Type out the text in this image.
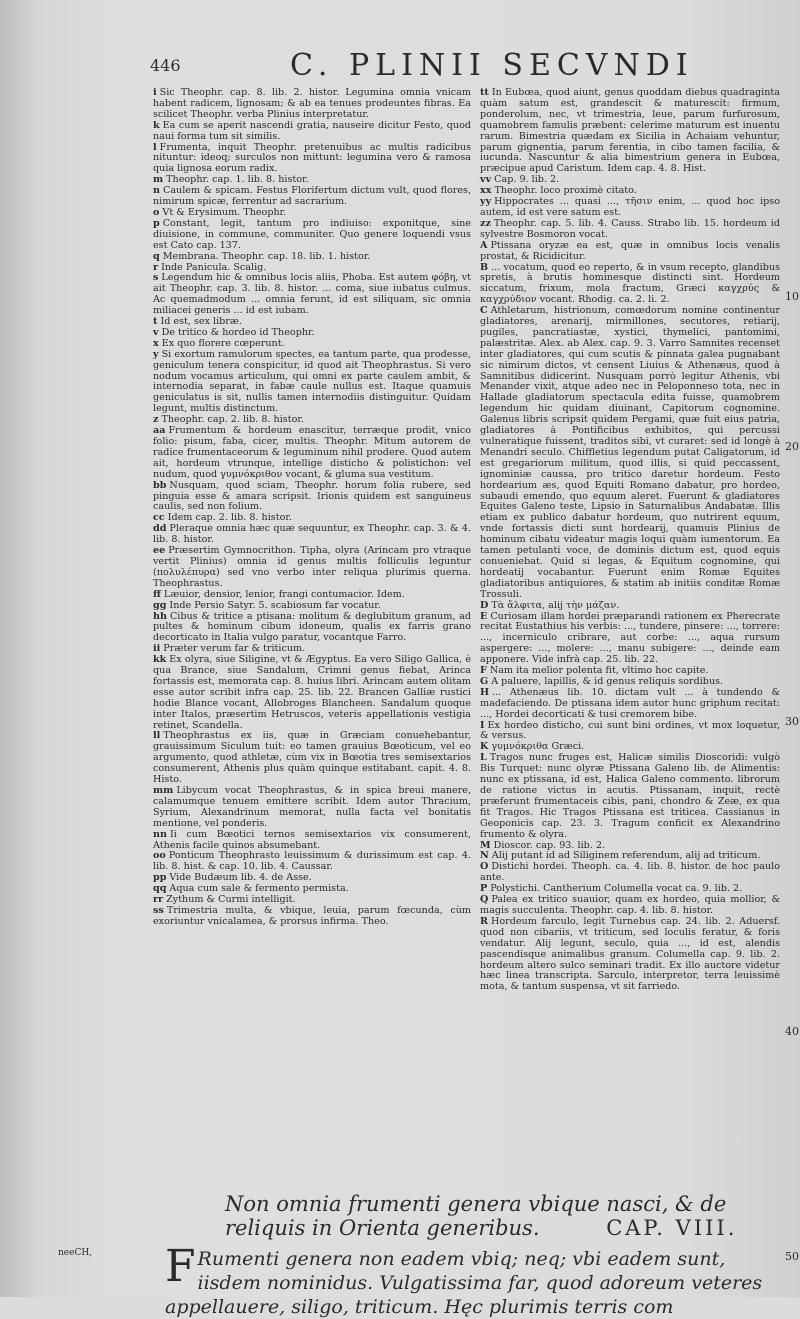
446	C. PLINII SECVNDI

i Sic Theophr. cap. 8. lib. 2. histor. Legumina omnia vnicam habent radicem, lignosam; & ab ea tenues prodeuntes fibras. Ea scilicet Theophr. verba Plinius interpretatur.

k Ea cum se aperit nascendi gratia, nauseire dicitur Festo, quod naui forma tum sit similis.

l Frumenta, inquit Theophr. pretenuibus ac multis radicibus nituntur: ideoq; surculos non mittunt: legumina vero & ramosa quia lignosa eorum radix.

m Theophr. cap. 1. lib. 8. histor.

n Caulem & spicam. Festus Florifertum dictum vult, quod flores, nimirum spicæ, ferrentur ad sacrarium.

o Vt & Erysimum. Theophr.

p Constant, legit, tantum pro indiuiso: exponitque, sine diuisione, in commune, communiter. Quo genere loquendi vsus est Cato cap. 137.

q Membrana. Theophr. cap. 18. lib. 1. histor.

r Inde Panicula. Scalig.

s Legendum hic & omnibus locis aliis, Phoba. Est autem φόβη, vt ait Theophr. cap. 3. lib. 8. histor. ... coma, siue iubatus culmus. Ac quemadmodum ... omnia ferunt, id est siliquam, sic omnia miliacei generis ... id est iubam.

t Id est, sex libræ.

v De tritico & hordeo id Theophr.

x Ex quo florere cœperunt.

y Si exortum ramulorum spectes, ea tantum parte, qua prodesse, geniculum tenera conspicitur, id quod ait Theophrastus. Si vero nodum vocamus articulum, qui omni ex parte caulem ambit, & internodia separat, in fabæ caule nullus est. Itaque quamuis geniculatus is sit, nullis tamen internodiis distinguitur. Quidam legunt, multis distinctum.

z Theophr. cap. 2. lib. 8. histor.

aa Frumentum & hordeum enascitur, terræque prodit, vnico folio: pisum, faba, cicer, multis. Theophr. Mitum autorem de radice frumentaceorum & leguminum nihil prodere. Quod autem ait, hordeum vtrunque, intellige distichο & polistichon: vel nudum, quod γυμνόκριθον vocant, & gluma sua vestitum.

bb Nusquam, quod sciam, Theophr. horum folia rubere, sed pinguia esse & amara scripsit. Irionis quidem est sanguineus caulis, sed non folium.

cc Idem cap. 2. lib. 8. histor.

dd Pleraque omnia hæc quæ sequuntur, ex Theophr. cap. 3. & 4. lib. 8. histor.

ee Præsertim Gymnocrithon. Tipha, olyra (Arincam pro vtraque vertit Plinius) omnia id genus multis folliculis leguntur (πολυλέπυρα) sed vno verbo inter reliqua plurimis querna. Theophrastus.

ff Læuior, densior, lenior, frangi contumacior. Idem.

gg Inde Persio Satyr. 5. scabiosum far vocatur.

hh Cibus & tritice a ptisana: molitum & deglubitum granum, ad pultes & hominum cibum idoneum, qualis ex farris grano decorticato in Italia vulgo paratur, vocantque Farro.

ii Præter verum far & triticum.

kk Ex olyra, siue Siligine, vt & Ægyptus. Ea vero Siligo Gallica, è qua Brance, siue Sandalum, Crimni genus fiebat, Arinca fortassis est, memorata cap. 8. huius libri. Arincam autem olitam esse autor scribit infra cap. 25. lib. 22. Brancen Galliæ rustici hodie Blance vocant, Allobroges Blancheen. Sandalum quoque inter Italos, præsertim Hetruscos, veteris appellationis vestigia retinet, Scandella.

ll Theophrastus ex iis, quæ in Græciam conuehebantur, grauissimum Siculum tuit: eo tamen grauius Bœoticum, vel eo argumento, quod athletæ, cùm vix in Bœotia tres semisextarios consumerent, Athenis plus quàm quinque estitabant. capit. 4. 8. Histo.

mm Libycum vocat Theophrastus, & in spica breui manere, calamumque tenuem emittere scribit. Idem autor Thracium, Syrium, Alexandrinum memorat, nulla facta vel bonitatis mentione, vel ponderis.

nn Ii cum Bœotici ternos semisextarios vix consumerent, Athenis facile quinos absumebant.

oo Ponticum Theophrasto leuissimum & durissimum est cap. 4. lib. 8. hist. & cap. 10. lib. 4. Caussar.

pp Vide Budæum lib. 4. de Asse.

qq Aqua cum sale & fermento permista.

rr Zythum & Curmi intelligit.

ss Trimestria multa, & vbique, leuia, parum fœcunda, cùm exoriuntur vnicalamea, & prorsus infirma. Theo.

tt In Eubœa, quod aiunt, genus quoddam diebus quadraginta quàm satum est, grandescit & maturescit: firmum, ponderolum, nec, vt trimestria, leue, parum furfurosum, quamobrem famulis præbent: celerime maturum est inuentu rarum. Bimestria quædam ex Sicilia in Achaiam vehuntur, parum gignentia, parum ferentia, in cibo tamen facilia, & iucunda. Nascuntur & alia bimestrium genera in Eubœa, præcipue apud Caristum. Idem cap. 4. 8. Hist.

vv Cap. 9. lib. 2.

xx Theophr. loco proximè citato.

yy Hippocrates ... quasi ..., τῆσιν enim, ... quod hoc ipso autem, id est vere satum est.

zz Theophr. cap. 5. lib. 4. Causs. Strabo lib. 15. hordeum id sylvestre Bosmoron vocat.

A Ptissana oryzæ ea est, quæ in omnibus locis venalis prostat, & Ricidicitur.

B ... vocatum, quod eo reperto, & in vsum recepto, glandibus spretis, à brutis hominesque distincti sint. Hordeum siccatum, frixum, mola fractum, Græci καγχρύς & καγχρύδιον vocant. Rhodig. ca. 2. li. 2.

C Athletarum, histrionum, comœdorum nomine continentur gladiatores, arenarij, mirmillones, secutores, retiarij, pugiles, pancratiastæ, xystici, thymelici, pantomimi, palæstritæ. Alex. ab Alex. cap. 9. 3. Varro Samnites recenset inter gladiatores, qui cum scutis & pinnata galea pugnabant sic nimirum dictos, vt censent Liuius & Athenæus, quod à Samnitibus didicerint. Nusquam porrò legitur Athenis, vbi Menander vixit, atque adeo nec in Peloponneso tota, nec in Hallade gladiatorum spectacula edita fuisse, quamobrem legendum hic quidam diuinant, Capitorum cognomine. Galenus libris scripsit quidem Pergami, quæ fuit eius patria, gladiatores à Pontificibus exhibitos, qui percussi vulneratique fuissent, traditos sibi, vt curaret: sed id longè à Menandri seculo. Chiffletius legendum putat Caligatorum, id est gregariorum militum, quod illis, si quid peccassent, ignominiæ caussa, pro tritico daretur hordeum. Festo hordearium æs, quod Equiti Romano dabatur, pro hordeo, subaudi emendo, quo equum aleret. Fuerunt & gladiatores Equites Galeno teste, Lipsio in Saturnalibus Andabatæ. Illis etiam ex publico dabatur hordeum, quo nutrirent equum, vnde fortassis dicti sunt hordearij, quamuis Plinius de hominum cibatu videatur magis loqui quàm iumentorum. Ea tamen petulanti voce, de dominis dictum est, quod equis conueniebat. Quid si legas, & Equitum cognomine, qui hordeatij vocabantur. Fuerunt enim Romæ Equites gladiatoribus antiquiores, & statim ab initiis conditæ Romæ Trossuli.

D Τὰ ἄλφιτα, alij τὴν μάζαν.

E Curiosam illam hordei præparandi rationem ex Pherecrate recitat Eustathius his verbis: ..., tundere, pinsere: ..., torrere: ..., incerniculo cribrare, aut corbe: ..., aqua rursum aspergere: ..., molere: ..., manu subigere: ..., deinde eam apponere. Vide infrà cap. 25. lib. 22.

F Nam ita melior polenta fit, vltimo hoc capite.

G A paluere, lapillis, & id genus reliquis sordibus.

H ... Athenæus lib. 10. dictam vult ... à tundendo & madefaciendo. De ptissana idem autor hunc griphum recitat: ..., Hordei decorticati & tusi cremorem bibe.

I Ex hordeo disticho, cui sunt bini ordines, vt mox loquetur, & versus.

K γυμνόκριθα Græci.

L Tragos nunc fruges est, Halicæ similis Dioscoridi: vulgò Bis Turquet: nunc olyræ Ptissana Galeno lib. de Alimentis: nunc ex ptissana, id est, Halica Galeno commento. librorum de ratione victus in acutis. Ptissanam, inquit, rectè præferunt frumentaceis cibis, pani, chondro & Zeæ, ex qua fit Tragos. Hic Tragos Ptissana est triticea. Cassianus in Geoponicis cap. 23. 3. Tragum conficit ex Alexandrino frumento & olyra.

M Dioscor. cap. 93. lib. 2.

N Alij putant id ad Siliginem referendum, alij ad triticum.

O Distichi hordei. Theoph. ca. 4. lib. 8. histor. de hoc paulo ante.

P Polystichi. Cantherium Columella vocat ca. 9. lib. 2.

Q Palea ex tritico suauior, quam ex hordeo, quia mollior, & magis succulenta. Theophr. cap. 4. lib. 8. histor.

R Hordeum farculo, legit Turnebus cap. 24. lib. 2. Aduersf. quod non cibariis, vt triticum, sed loculis feratur, & foris vendatur. Alij legunt, seculo, quia ..., id est, alendis pascendisque animalibus granum. Columella cap. 9. lib. 2. hordeum altero sulco seminari tradit. Ex illo auctore videtur hæc linea transcripta. Sarculo, interpretor, terra leuissimè mota, & tantum suspensa, vt sit farriedo.

10
20
30
40
50
Non omnia frumenti genera vbique nasci, & de reliquis in Orienta generibus.	CAP. VIII.
neeCH, F Rumenti genera non eadem vbiq; neq; vbi eadem sunt, iisdem nominidus. Vulgatissima far, quod adoreum veteres appellauere, siligo, triticum. Hęc plurimis terris com
